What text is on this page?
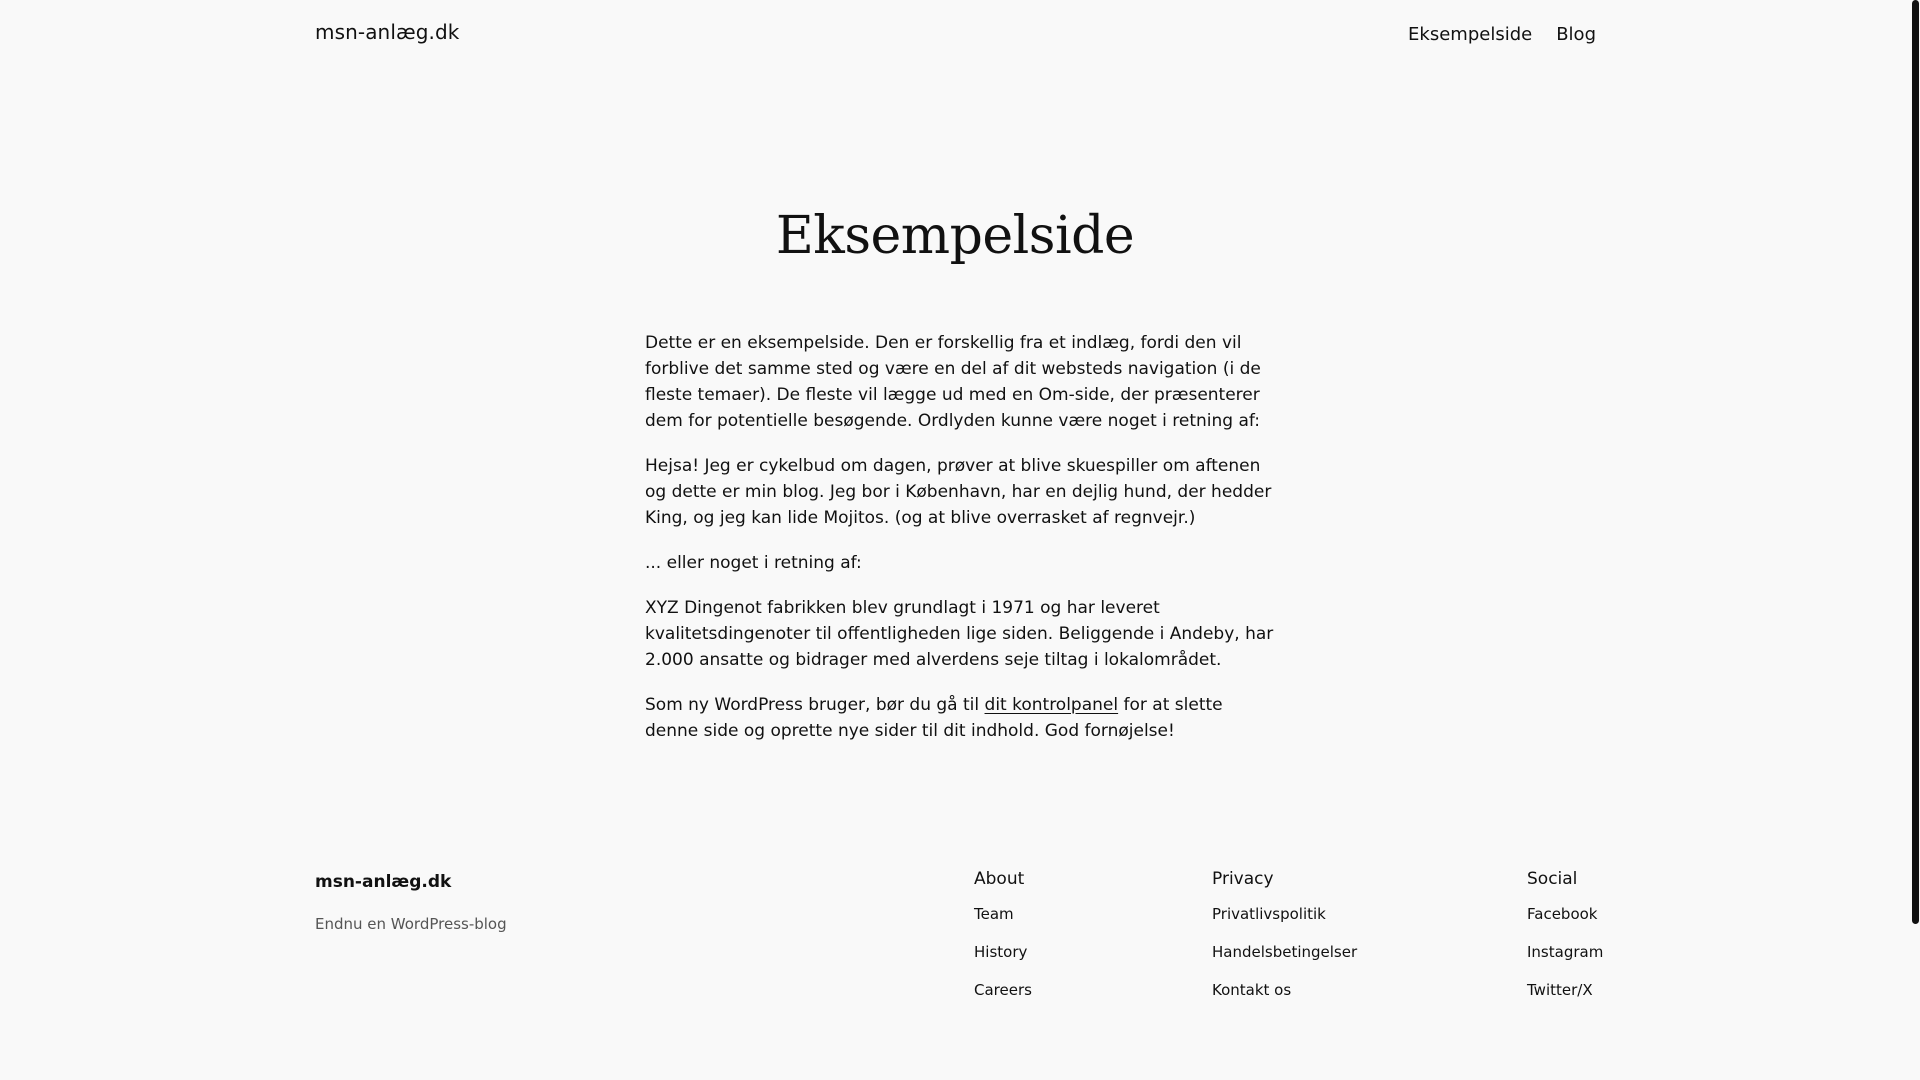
msn-anlæg.dk	Eksempelside Blog
Eksempelside

Dette er en eksempelside. Den er forskellig fra et indlæg, fordi den vil forblive det samme sted og være en del af dit websteds navigation (i de fleste temaer). De fleste vil lægge ud med en Om-side, der præsenterer dem for potentielle besøgende. Ordlyden kunne være noget i retning af:

Hejsa! Jeg er cykelbud om dagen, prøver at blive skuespiller om aftenen og dette er min blog. Jeg bor i København, har en dejlig hund, der hedder King, og jeg kan lide Mojitos. (og at blive overrasket af regnvejr.)

... eller noget i retning af:

XYZ Dingenot fabrikken blev grundlagt i 1971 og har leveret kvalitetsdingenoter til offentligheden lige siden. Beliggende i Andeby, har 2.000 ansatte og bidrager med alverdens seje tiltag i lokalområdet.

Som ny WordPress bruger, bør du gå til dit kontrolpanel for at slette denne side og oprette nye sider til dit indhold. God fornøjelse!

msn-anlæg.dk
Endnu en WordPress-blog
About
Team
History
Careers
Privacy
Privatlivspolitik
Handelsbetingelser
Kontakt os
Social
Facebook
Instagram
Twitter/X
